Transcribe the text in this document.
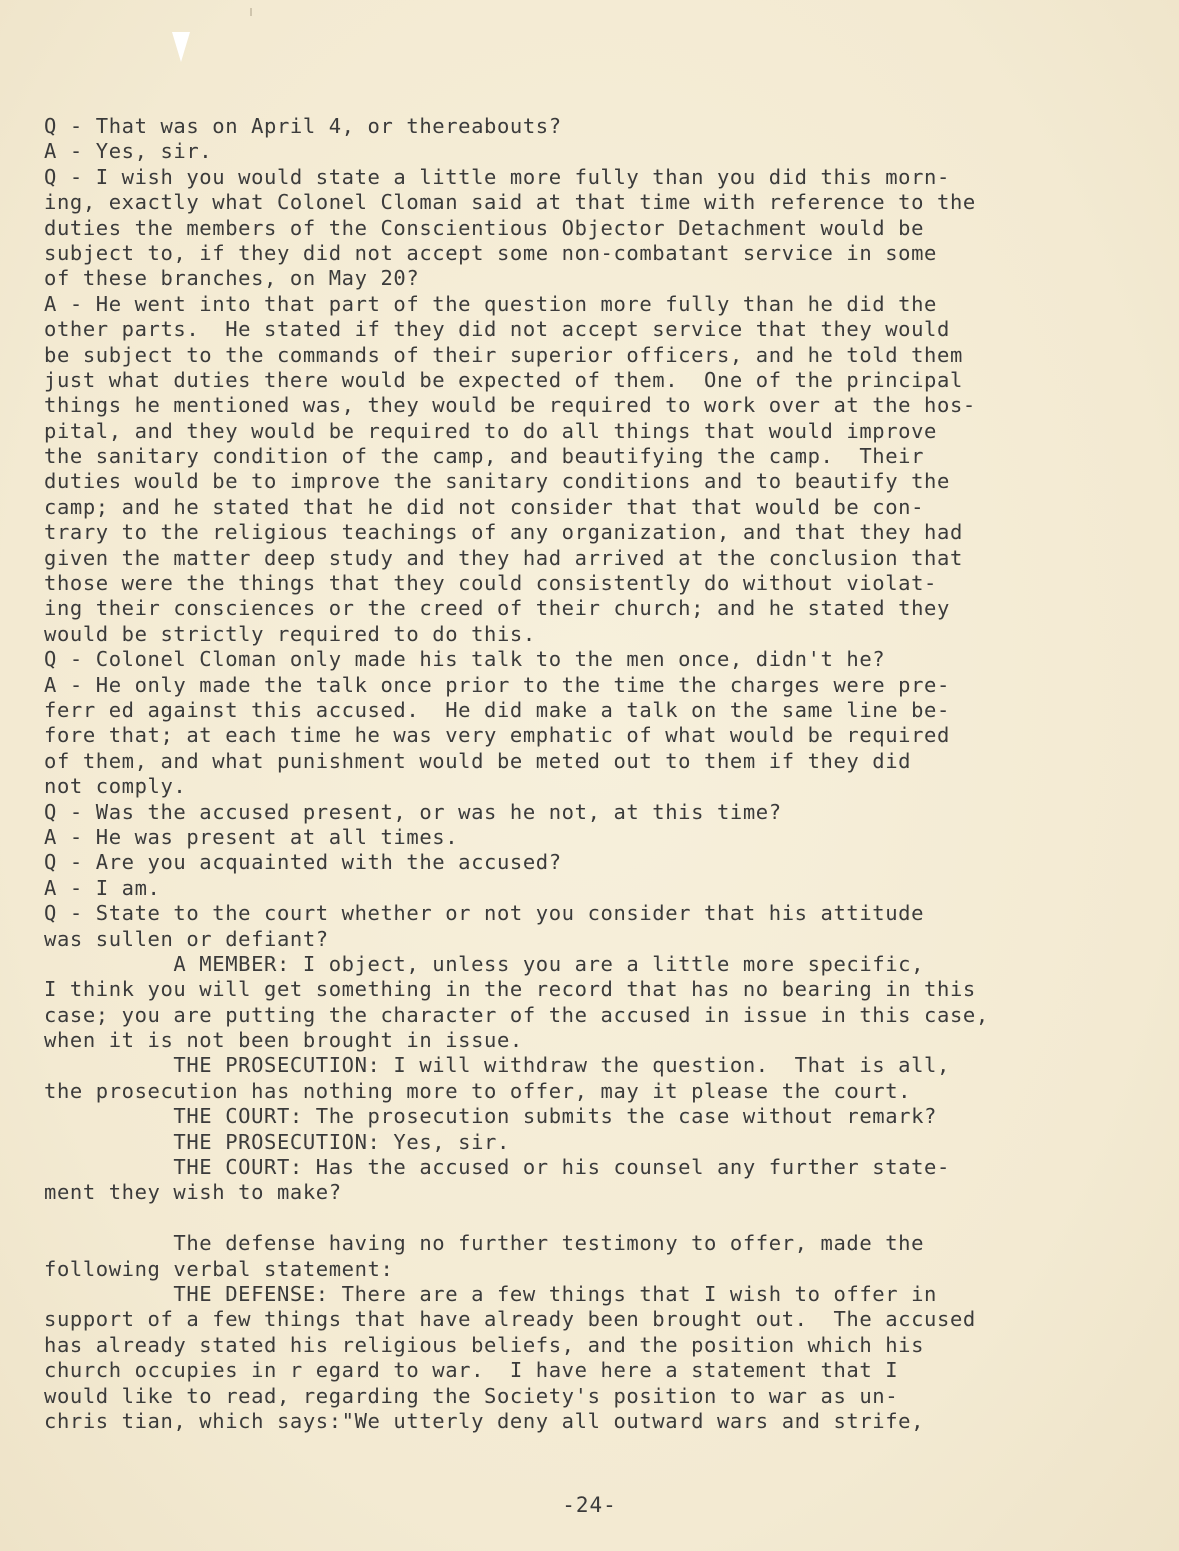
Q - That was on April 4, or thereabouts?
A - Yes, sir.
Q - I wish you would state a little more fully than you did this morn-
ing, exactly what Colonel Cloman said at that time with reference to the
duties the members of the Conscientious Objector Detachment would be
subject to, if they did not accept some non-combatant service in some
of these branches, on May 20?
A - He went into that part of the question more fully than he did the
other parts.  He stated if they did not accept service that they would
be subject to the commands of their superior officers, and he told them
just what duties there would be expected of them.  One of the principal
things he mentioned was, they would be required to work over at the hos-
pital, and they would be required to do all things that would improve
the sanitary condition of the camp, and beautifying the camp.  Their
duties would be to improve the sanitary conditions and to beautify the
camp; and he stated that he did not consider that that would be con-
trary to the religious teachings of any organization, and that they had
given the matter deep study and they had arrived at the conclusion that
those were the things that they could consistently do without violat-
ing their consciences or the creed of their church; and he stated they
would be strictly required to do this.
Q - Colonel Cloman only made his talk to the men once, didn't he?
A - He only made the talk once prior to the time the charges were pre-
ferr ed against this accused.  He did make a talk on the same line be-
fore that; at each time he was very emphatic of what would be required
of them, and what punishment would be meted out to them if they did
not comply.
Q - Was the accused present, or was he not, at this time?
A - He was present at all times.
Q - Are you acquainted with the accused?
A - I am.
Q - State to the court whether or not you consider that his attitude
was sullen or defiant?
A MEMBER: I object, unless you are a little more specific,
I think you will get something in the record that has no bearing in this
case; you are putting the character of the accused in issue in this case,
when it is not been brought in issue.
THE PROSECUTION: I will withdraw the question.  That is all,
the prosecution has nothing more to offer, may it please the court.
THE COURT: The prosecution submits the case without remark?
THE PROSECUTION: Yes, sir.
THE COURT: Has the accused or his counsel any further state-
ment they wish to make?
The defense having no further testimony to offer, made the
following verbal statement:
THE DEFENSE: There are a few things that I wish to offer in
support of a few things that have already been brought out.  The accused
has already stated his religious beliefs, and the position which his
church occupies in r egard to war.  I have here a statement that I
would like to read, regarding the Society's position to war as un-
chris tian, which says:"We utterly deny all outward wars and strife,
-24-
